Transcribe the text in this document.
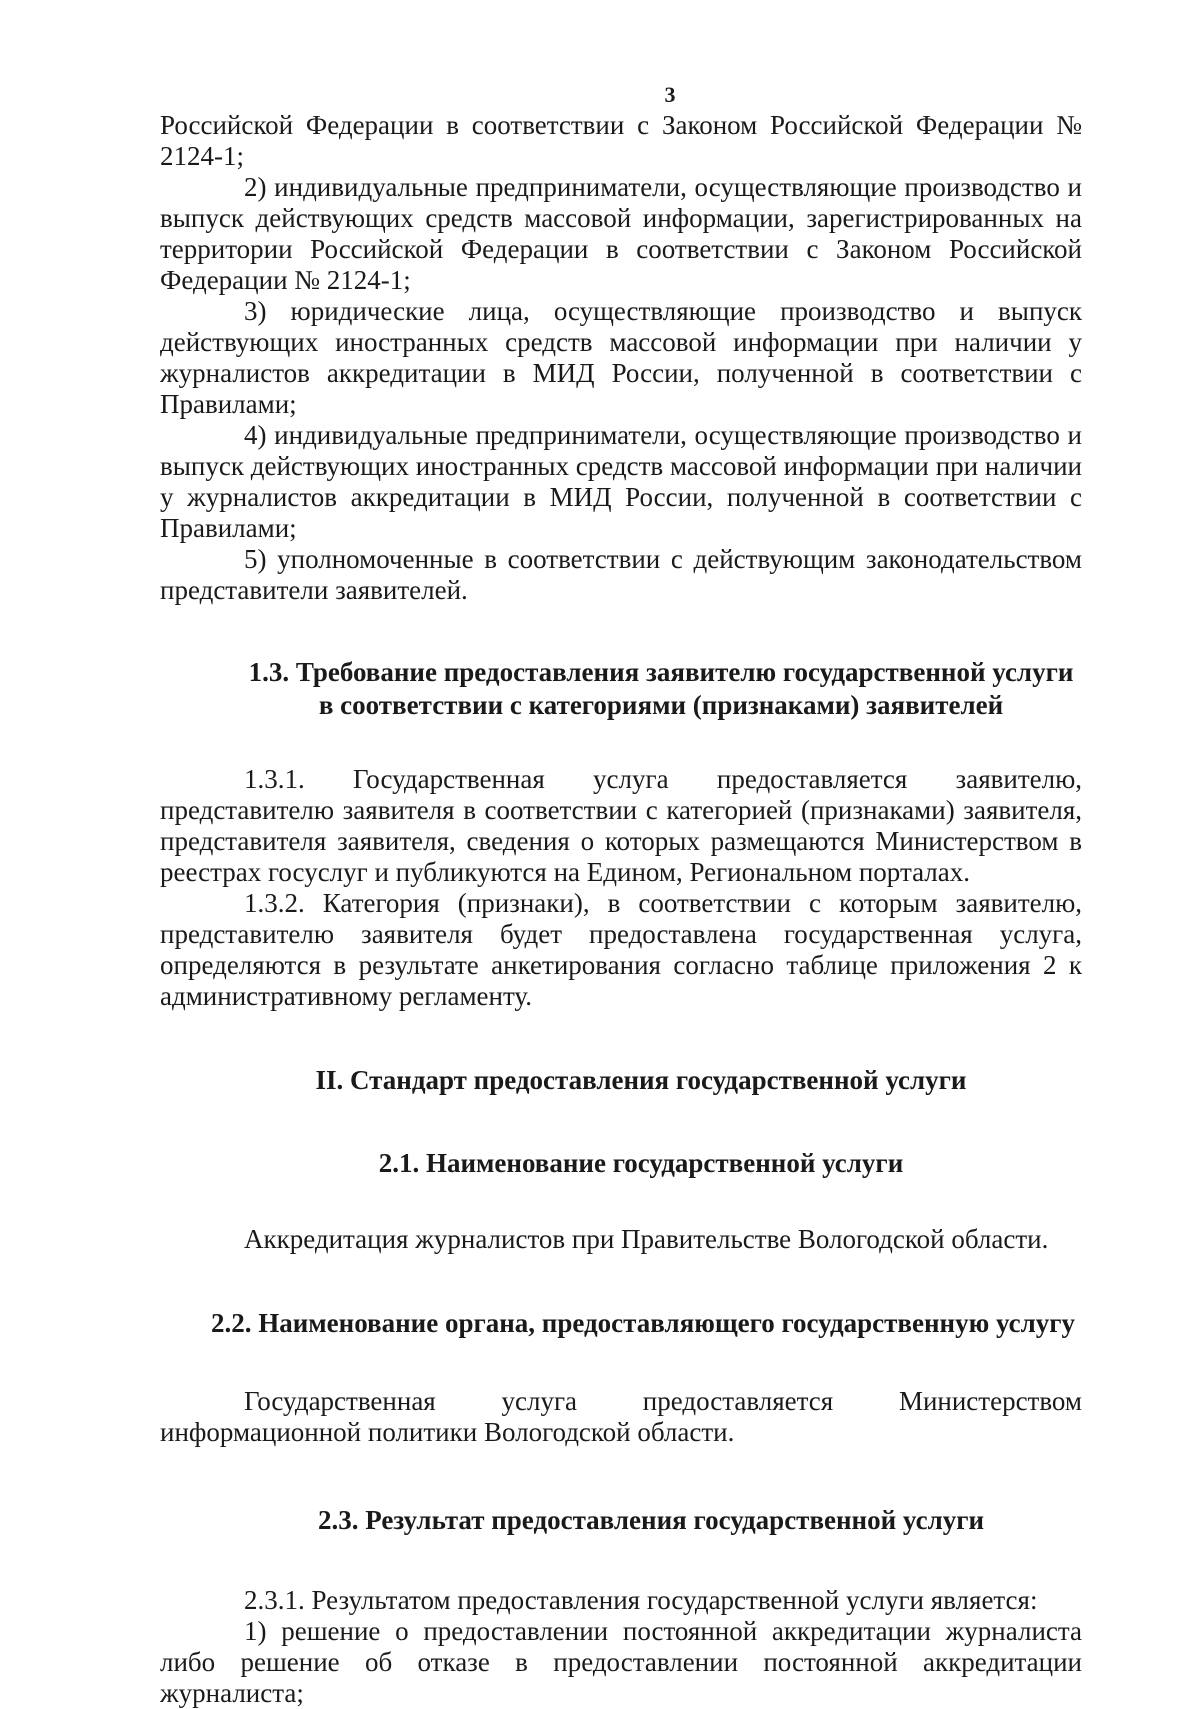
3

Российской Федерации в соответствии с Законом Российской Федерации № 2124-1;

2) индивидуальные предприниматели, осуществляющие производство и выпуск действующих средств массовой информации, зарегистрированных на территории Российской Федерации в соответствии с Законом Российской Федерации № 2124-1;

3) юридические лица, осуществляющие производство и выпуск действующих иностранных средств массовой информации при наличии у журналистов аккредитации в МИД России, полученной в соответствии с Правилами;

4) индивидуальные предприниматели, осуществляющие производство и выпуск действующих иностранных средств массовой информации при наличии у журналистов аккредитации в МИД России, полученной в соответствии с Правилами;

5) уполномоченные в соответствии с действующим законодательством представители заявителей.

1.3. Требование предоставления заявителю государственной услуги в соответствии с категориями (признаками) заявителей

1.3.1. Государственная услуга предоставляется заявителю, представителю заявителя в соответствии с категорией (признаками) заявителя, представителя заявителя, сведения о которых размещаются Министерством в реестрах госуслуг и публикуются на Едином, Региональном порталах.

1.3.2. Категория (признаки), в соответствии с которым заявителю, представителю заявителя будет предоставлена государственная услуга, определяются в результате анкетирования согласно таблице приложения 2 к административному регламенту.

II. Стандарт предоставления государственной услуги
2.1. Наименование государственной услуги

Аккредитация журналистов при Правительстве Вологодской области.

2.2. Наименование органа, предоставляющего государственную услугу

Государственная услуга предоставляется Министерством информационной политики Вологодской области.

2.3. Результат предоставления государственной услуги

2.3.1. Результатом предоставления государственной услуги является:

1) решение о предоставлении постоянной аккредитации журналиста либо решение об отказе в предоставлении постоянной аккредитации журналиста;
